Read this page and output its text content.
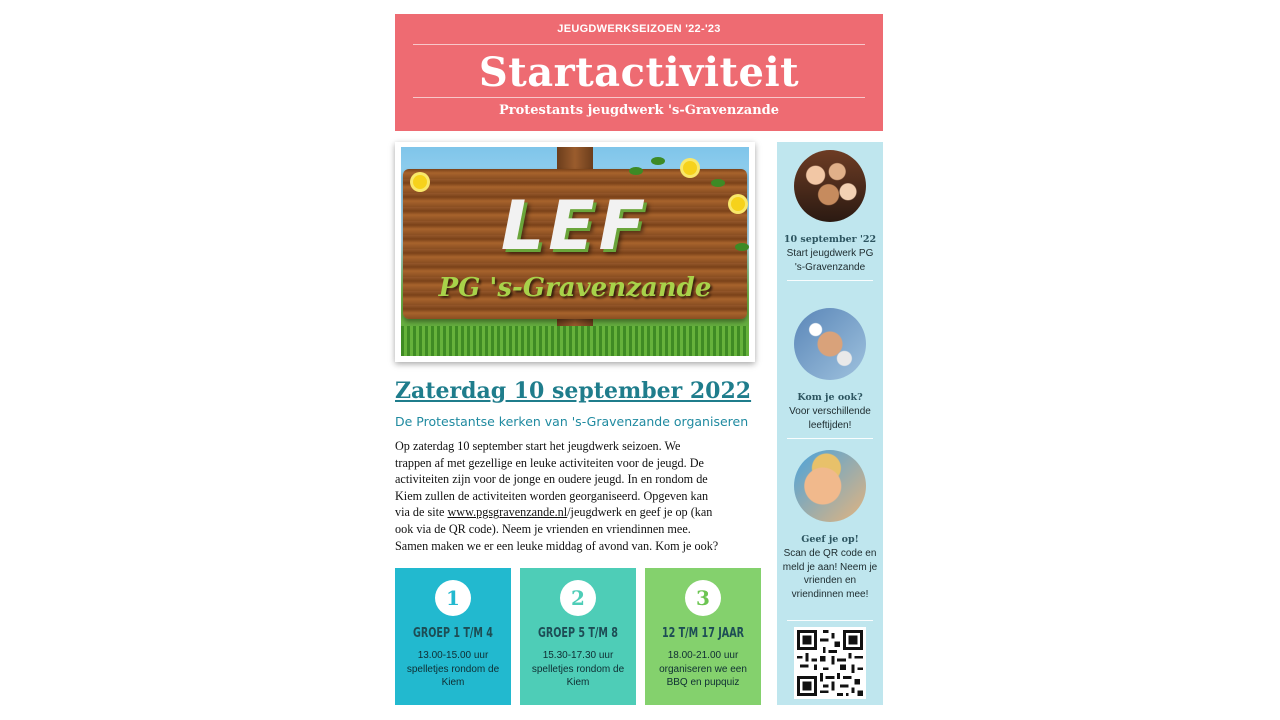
JEUGDWERKSEIZOEN '22-'23
Startactiviteit
Protestants jeugdwerk 's-Gravenzande
LEF
PG 's-Gravenzande
Zaterdag 10 september 2022
De Protestantse kerken van 's-Gravenzande organiseren
Op zaterdag 10 september start het jeugdwerk seizoen. We
trappen af met gezellige en leuke activiteiten voor de jeugd. De
activiteiten zijn voor de jonge en oudere jeugd. In en rondom de
Kiem zullen de activiteiten worden georganiseerd. Opgeven kan
via de site www.pgsgravenzande.nl/jeugdwerk en geef je op (kan
ook via de QR code). Neem je vrienden en vriendinnen mee.
Samen maken we er een leuke middag of avond van. Kom je ook?
1
GROEP 1 T/M 4
13.00-15.00 uur spelletjes rondom de Kiem
2
GROEP 5 T/M 8
15.30-17.30 uur spelletjes rondom de Kiem
3
12 T/M 17 JAAR
18.00-21.00 uur organiseren we een BBQ en pupquiz
10 september '22
Start jeugdwerk PG 's-Gravenzande
Kom je ook?
Voor verschillende leeftijden!
Geef je op!
Scan de QR code en meld je aan! Neem je vrienden en vriendinnen mee!
